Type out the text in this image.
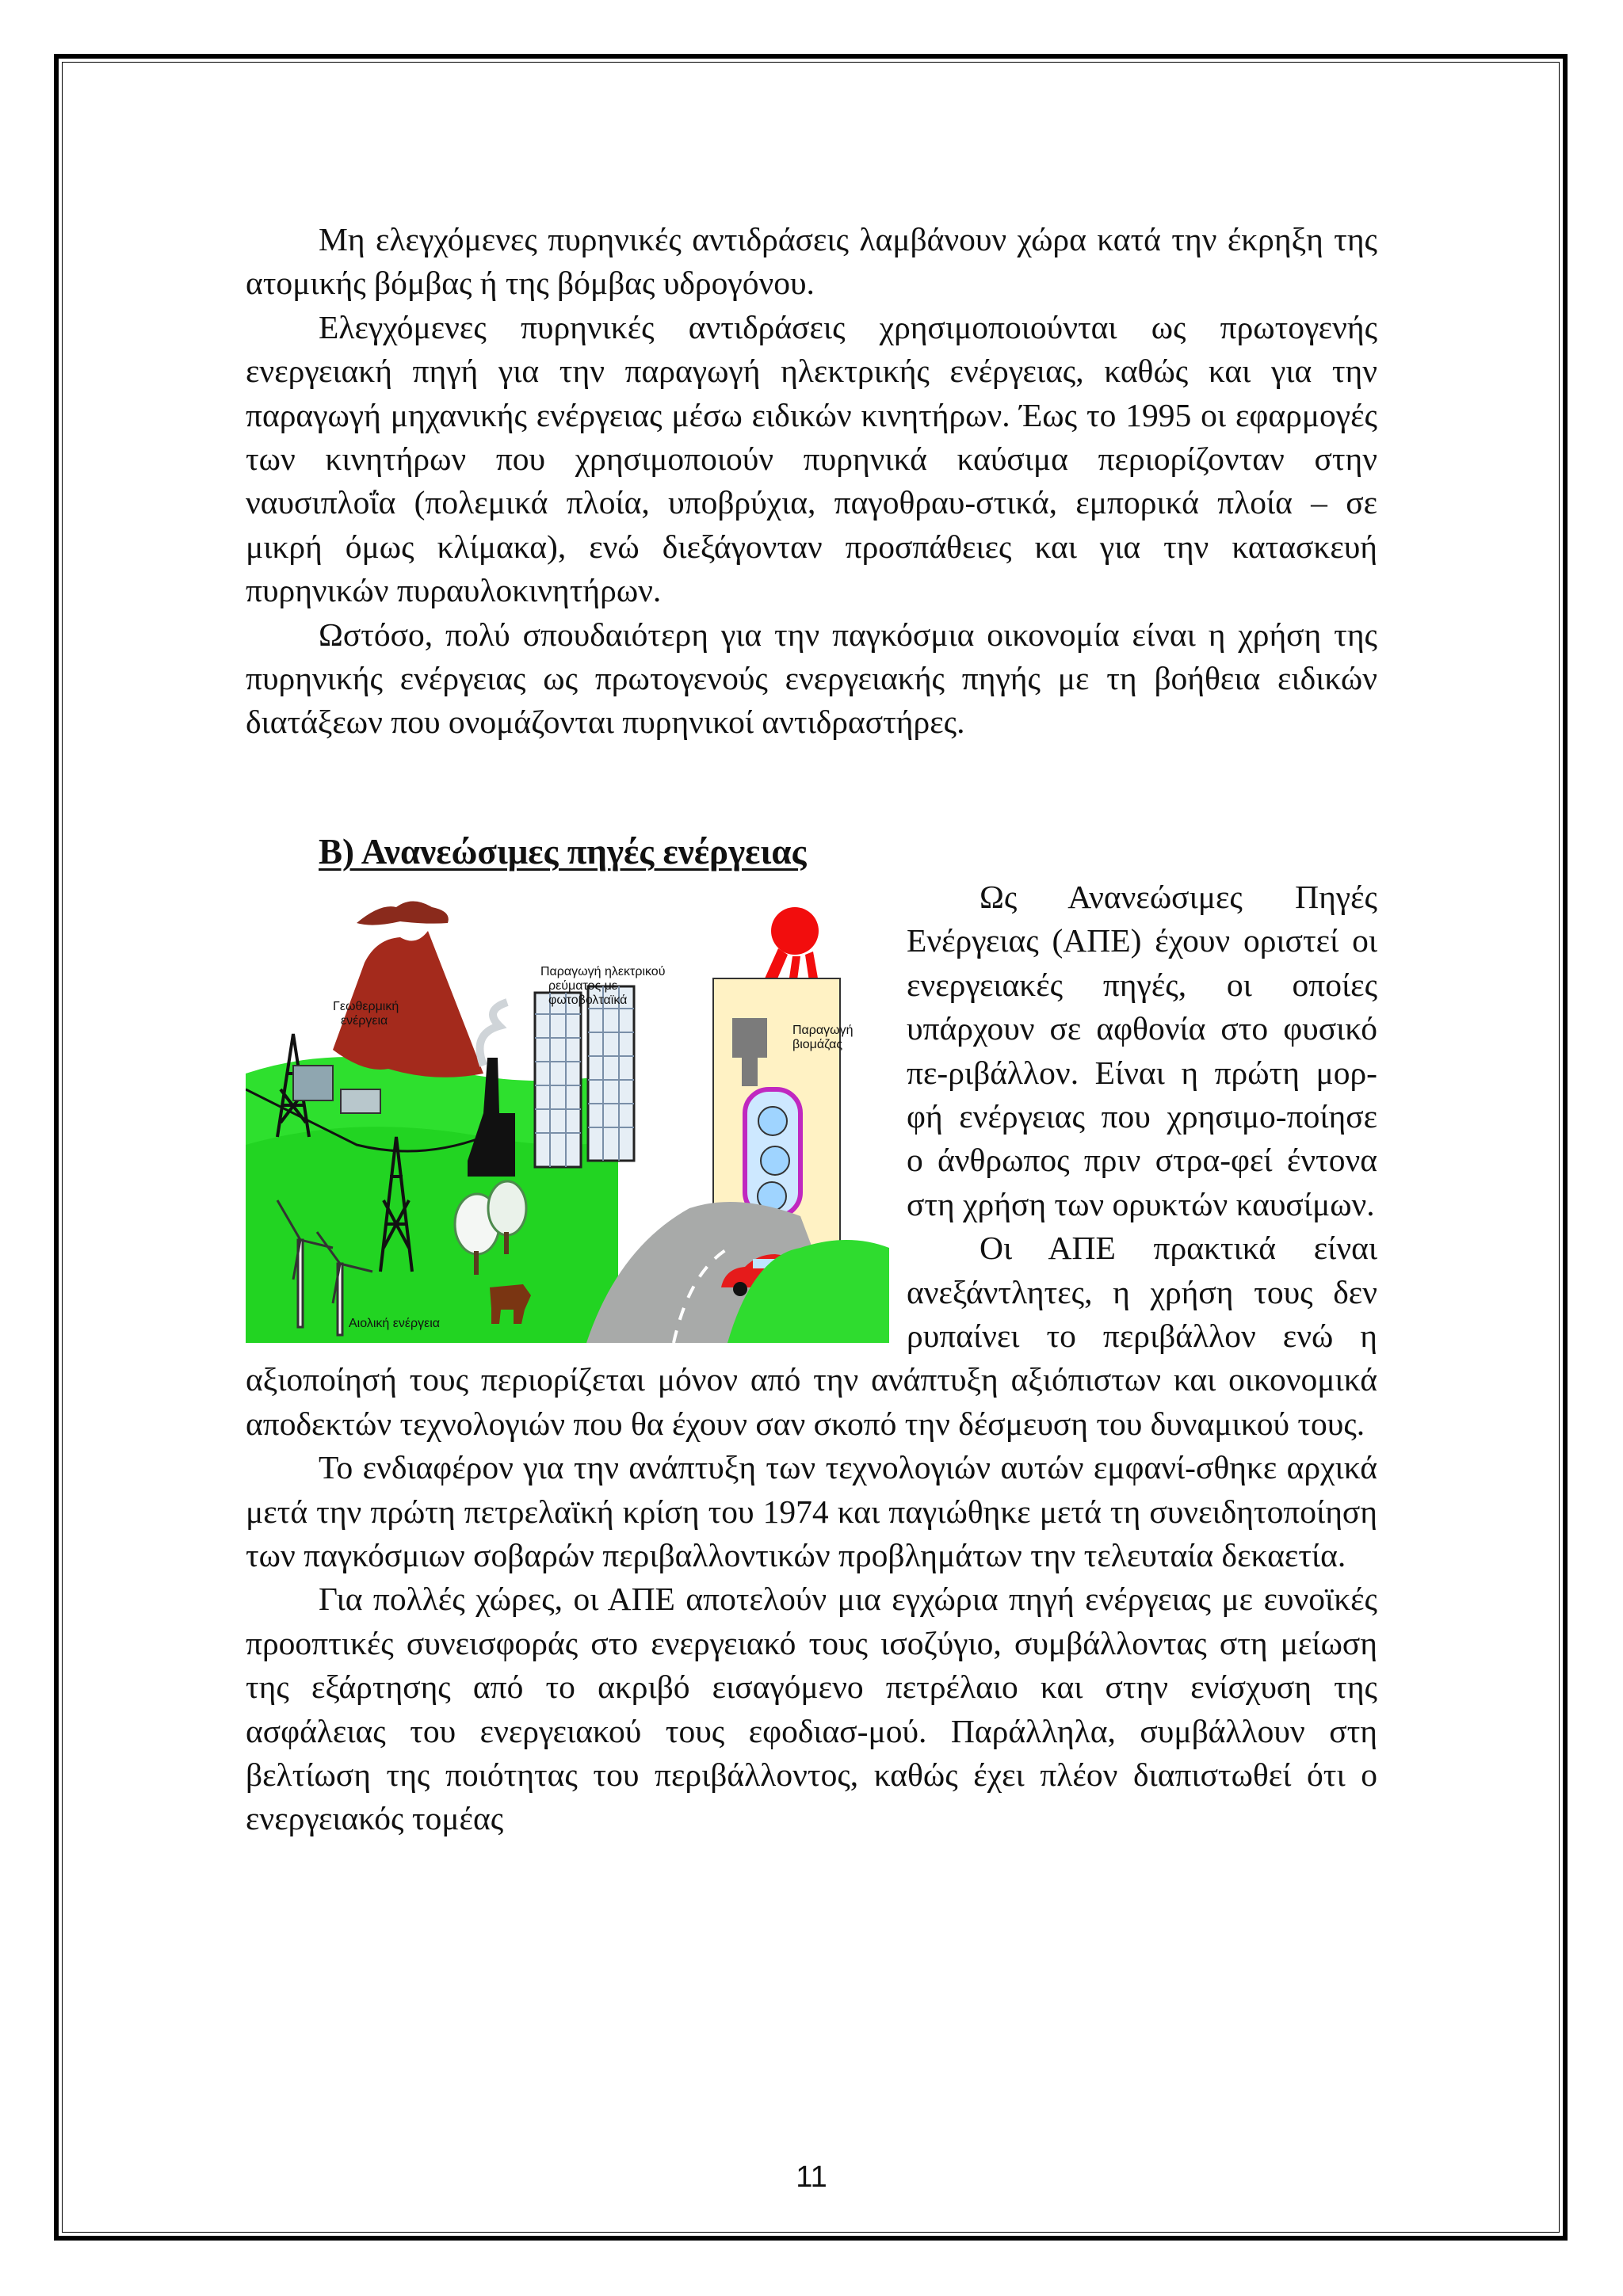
Μη ελεγχόμενες πυρηνικές αντιδράσεις λαμβάνουν χώρα κατά την έκρηξη της ατομικής βόμβας ή της βόμβας υδρογόνου.

Ελεγχόμενες πυρηνικές αντιδράσεις χρησιμοποιούνται ως πρωτογενής ενεργειακή πηγή για την παραγωγή ηλεκτρικής ενέργειας, καθώς και για την παραγωγή μηχανικής ενέργειας μέσω ειδικών κινητήρων. Έως το 1995 οι εφαρμογές των κινητήρων που χρησιμοποιούν πυρηνικά καύσιμα περιορίζονταν στην ναυσιπλοΐα (πολεμικά πλοία, υποβρύχια, παγοθραυ-στικά, εμπορικά πλοία – σε μικρή όμως κλίμακα), ενώ διεξάγονταν προσπάθειες και για την κατασκευή πυρηνικών πυραυλοκινητήρων.

Ωστόσο, πολύ σπουδαιότερη για την παγκόσμια οικονομία είναι η χρήση της πυρηνικής ενέργειας ως πρωτογενούς ενεργειακής πηγής με τη βοήθεια ειδικών διατάξεων που ονομάζονται πυρηνικοί αντιδραστήρες.

Β) Ανανεώσιμες πηγές ενέργειας

Γεωθερμική ενέργεια Παραγωγή ηλεκτρικού ρεύματος με φωτοβολταϊκά Παραγωγή βιομάζας Αιολική ενέργεια
Ως Ανανεώσιμες Πηγές Ενέργειας (ΑΠΕ) έχουν οριστεί οι ενεργειακές πηγές, οι οποίες υπάρχουν σε αφθονία στο φυσικό πε-ριβάλλον. Είναι η πρώτη μορ-φή ενέργειας που χρησιμο-ποίησε ο άνθρωπος πριν στρα-φεί έντονα στη χρήση των ορυκτών καυσίμων.

Οι ΑΠΕ πρακτικά είναι ανεξάντλητες, η χρήση τους δεν ρυπαίνει το περιβάλλον ενώ η αξιοποίησή τους περιορίζεται μόνον από την ανάπτυξη αξιόπιστων και οικονομικά αποδεκτών τεχνολογιών που θα έχουν σαν σκοπό την δέσμευση του δυναμικού τους.

Το ενδιαφέρον για την ανάπτυξη των τεχνολογιών αυτών εμφανί-σθηκε αρχικά μετά την πρώτη πετρελαϊκή κρίση του 1974 και παγιώθηκε μετά τη συνειδητοποίηση των παγκόσμιων σοβαρών περιβαλλοντικών προβλημάτων την τελευταία δεκαετία.

Για πολλές χώρες, οι ΑΠΕ αποτελούν μια εγχώρια πηγή ενέργειας με ευνοϊκές προοπτικές συνεισφοράς στο ενεργειακό τους ισοζύγιο, συμβάλλοντας στη μείωση της εξάρτησης από το ακριβό εισαγόμενο πετρέλαιο και στην ενίσχυση της ασφάλειας του ενεργειακού τους εφοδιασ-μού. Παράλληλα, συμβάλλουν στη βελτίωση της ποιότητας του περιβάλλοντος, καθώς έχει πλέον διαπιστωθεί ότι ο ενεργειακός τομέας

11
